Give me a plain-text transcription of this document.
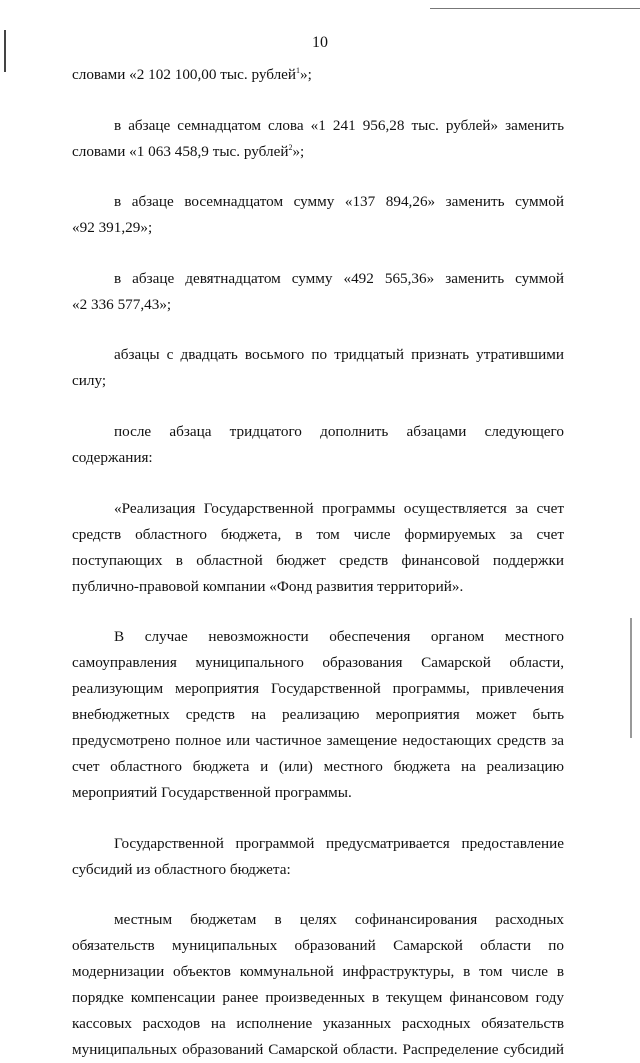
10
словами «2 102 100,00 тыс. рублей$^1$»;
в абзаце семнадцатом слова «1 241 956,28 тыс. рублей» заменить
словами «1 063 458,9 тыс. рублей$^2$»;
в абзаце восемнадцатом сумму «137 894,26» заменить суммой
«92 391,29»;
в абзаце девятнадцатом сумму «492 565,36» заменить суммой
«2 336 577,43»;
абзацы с двадцать восьмого по тридцатый признать утратившими
силу;
после абзаца тридцатого дополнить абзацами следующего
содержания:
«Реализация Государственной программы осуществляется за счет
средств областного бюджета, в том числе формируемых за счет
поступающих в областной бюджет средств финансовой поддержки
публично-правовой компании «Фонд развития территорий».
В случае невозможности обеспечения органом местного
самоуправления муниципального образования Самарской области,
реализующим мероприятия Государственной программы, привлечения
внебюджетных средств на реализацию мероприятия может быть
предусмотрено полное или частичное замещение недостающих средств за
счет областного бюджета и (или) местного бюджета на реализацию
мероприятий Государственной программы.
Государственной программой предусматривается предоставление
субсидий из областного бюджета:
местным бюджетам в целях софинансирования расходных
обязательств муниципальных образований Самарской области по
модернизации объектов коммунальной инфраструктуры, в том числе в
порядке компенсации ранее произведенных в текущем финансовом году
кассовых расходов на исполнение указанных расходных обязательств
муниципальных образований Самарской области. Распределение субсидий
